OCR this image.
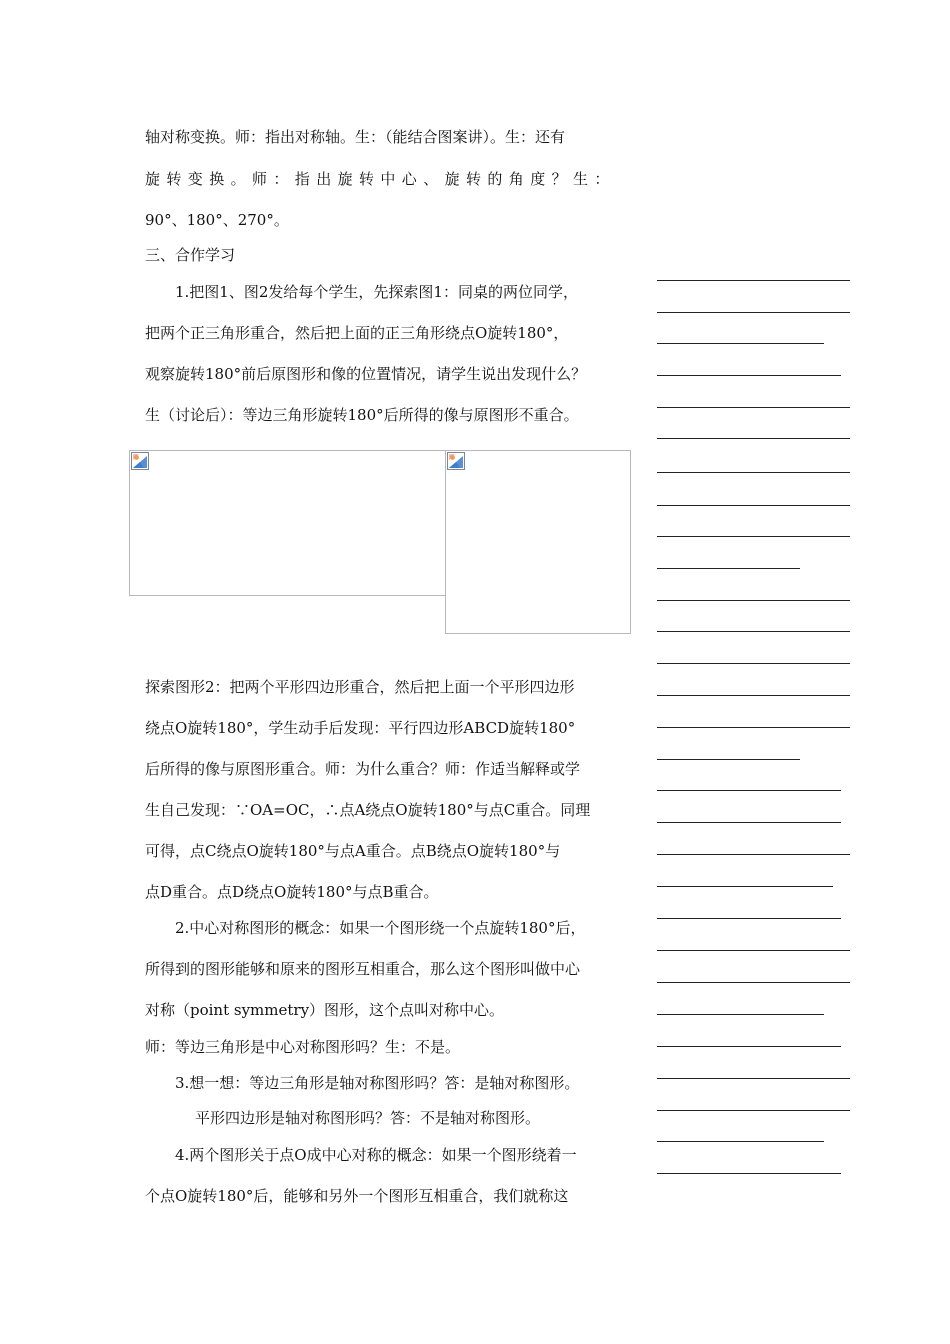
轴对称变换。师：指出对称轴。生：（能结合图案讲）。生：还有
旋转变换。师：指出旋转中心、旋转的角度？生：
90°、180°、270°。
三、合作学习
1.把图1、图2发给每个学生，先探索图1：同桌的两位同学，
把两个正三角形重合，然后把上面的正三角形绕点O旋转180°，
观察旋转180°前后原图形和像的位置情况，请学生说出发现什么？
生（讨论后）：等边三角形旋转180°后所得的像与原图形不重合。
探索图形2：把两个平形四边形重合，然后把上面一个平形四边形
绕点O旋转180°，学生动手后发现：平行四边形ABCD旋转180°
后所得的像与原图形重合。师：为什么重合？师：作适当解释或学
生自己发现：∵OA=OC，∴点A绕点O旋转180°与点C重合。同理
可得，点C绕点O旋转180°与点A重合。点B绕点O旋转180°与
点D重合。点D绕点O旋转180°与点B重合。
2.中心对称图形的概念：如果一个图形绕一个点旋转180°后，
所得到的图形能够和原来的图形互相重合，那么这个图形叫做中心
对称（point symmetry）图形，这个点叫对称中心。
师：等边三角形是中心对称图形吗？生：不是。
3.想一想：等边三角形是轴对称图形吗？答：是轴对称图形。
平形四边形是轴对称图形吗？答：不是轴对称图形。
4.两个图形关于点O成中心对称的概念：如果一个图形绕着一
个点O旋转180°后，能够和另外一个图形互相重合，我们就称这
